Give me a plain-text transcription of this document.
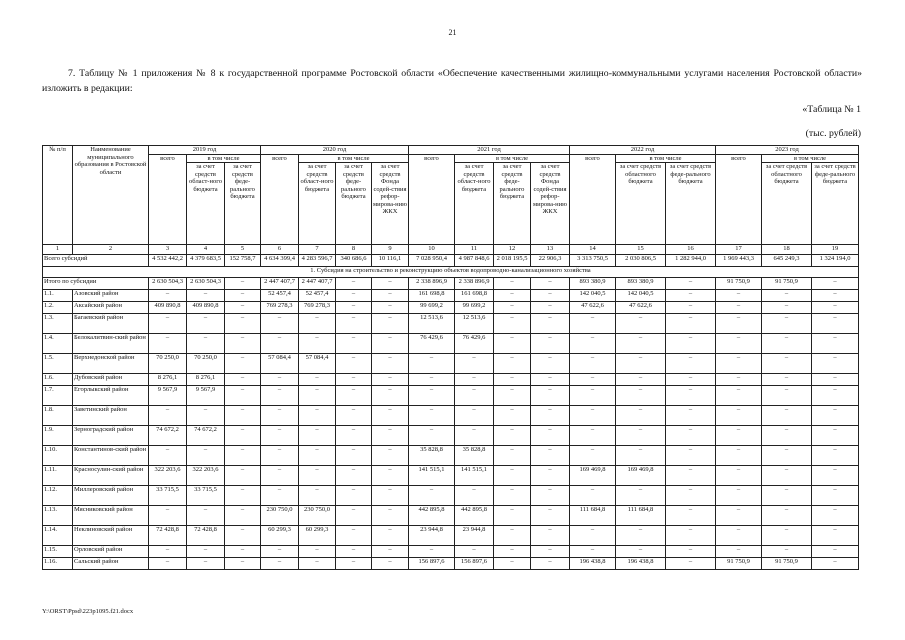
21
7. Таблицу № 1 приложения № 8 к государственной программе Ростовской области «Обеспечение качественными жилищно-коммунальными услугами населения Ростовской области» изложить в редакции:
«Таблица № 1
(тыс. рублей)
№ п/п	Наименование муниципального образования в Ростовской области	2019 год			2020 год				2021 год				2022 год			2023 год		
		всего	в том числе		всего	в том числе			всего	в том числе			всего	в том числе		всего	в том числе	
			за счет средств област-ного бюджета	за счет средств феде-рального бюджета		за счет средств област-ного бюджета	за счет средств феде-рального бюджета	за счет средств Фонда содей-ствия рефор-мирова-нию ЖКХ		за счет средств област-ного бюджета	за счет средств феде-рального бюджета	за счет средств Фонда содей-ствия рефор-мирова-нию ЖКХ		за счет средств областного бюджета	за счет средств феде-рального бюджета		за счет средств областного бюджета	за счет средств феде-рального бюджета
1	2	3	4	5	6	7	8	9	10	11	12	13	14	15	16	17	18	19
Всего субсидий		4 532 442,2	4 379 683,5	152 758,7	4 634 399,4	4 283 596,7	340 686,6	10 116,1	7 028 950,4	4 987 848,6	2 018 195,5	22 906,3	3 313 750,5	2 030 806,5	1 282 944,0	1 969 443,3	645 249,3	1 324 194,0
1. Субсидия на строительство и реконструкцию объектов водопроводно-канализационного хозяйства																		
Итого по субсидии		2 630 504,3	2 630 504,3	–	2 447 407,7	2 447 407,7	–	–	2 338 896,9	2 338 896,9	–	–	893 380,9	893 380,9	–	91 750,9	91 750,9	–
1.1.	Азовский район	–	–	–	52 457,4	52 457,4	–	–	161 698,8	161 698,8	–	–	142 040,5	142 040,5	–	–	–	–
1.2.	Аксайский район	409 890,8	409 890,8	–	769 278,3	769 278,3	–	–	99 699,2	99 699,2	–	–	47 622,6	47 622,6	–	–	–	–
1.3.	Багаевский район	–	–	–	–	–	–	–	12 513,6	12 513,6	–	–	–	–	–	–	–	–
1.4.	Белокалитвин-ский район	–	–	–	–	–	–	–	76 429,6	76 429,6	–	–	–	–	–	–	–	–
1.5.	Верхнедонской район	70 250,0	70 250,0	–	57 084,4	57 084,4	–	–	–	–	–	–	–	–	–	–	–	–
1.6.	Дубовский район	8 276,1	8 276,1	–	–	–	–	–	–	–	–	–	–	–	–	–	–	–
1.7.	Егорлыкский район	9 567,9	9 567,9	–	–	–	–	–	–	–	–	–	–	–	–	–	–	–
1.8.	Заветинский район	–	–	–	–	–	–	–	–	–	–	–	–	–	–	–	–	–
1.9.	Зерноградский район	74 672,2	74 672,2	–	–	–	–	–	–	–	–	–	–	–	–	–	–	–
1.10.	Константинов-ский район	–	–	–	–	–	–	–	35 828,8	35 828,8	–	–	–	–	–	–	–	–
1.11.	Красносулин-ский район	322 203,6	322 203,6	–	–	–	–	–	141 515,1	141 515,1	–	–	169 469,8	169 469,8	–	–	–	–
1.12.	Миллеровский район	33 715,5	33 715,5	–	–	–	–	–	–	–	–	–	–	–	–	–	–	–
1.13.	Мясниковский район	–	–	–	230 750,0	230 750,0	–	–	442 895,8	442 895,8	–	–	111 684,8	111 684,8	–	–	–	–
1.14.	Неклиновский район	72 428,8	72 428,8	–	60 299,3	60 299,3	–	–	23 944,8	23 944,8	–	–	–	–	–	–	–	–
1.15.	Орловский район	–	–	–	–	–	–	–	–	–	–	–	–	–	–	–	–	–
1.16.	Сальский район	–	–	–	–	–	–	–	156 897,6	156 897,6	–	–	196 438,8	196 438,8	–	91 750,9	91 750,9	–
Y:\ORST\Ppsd\223p1095.f21.docx
